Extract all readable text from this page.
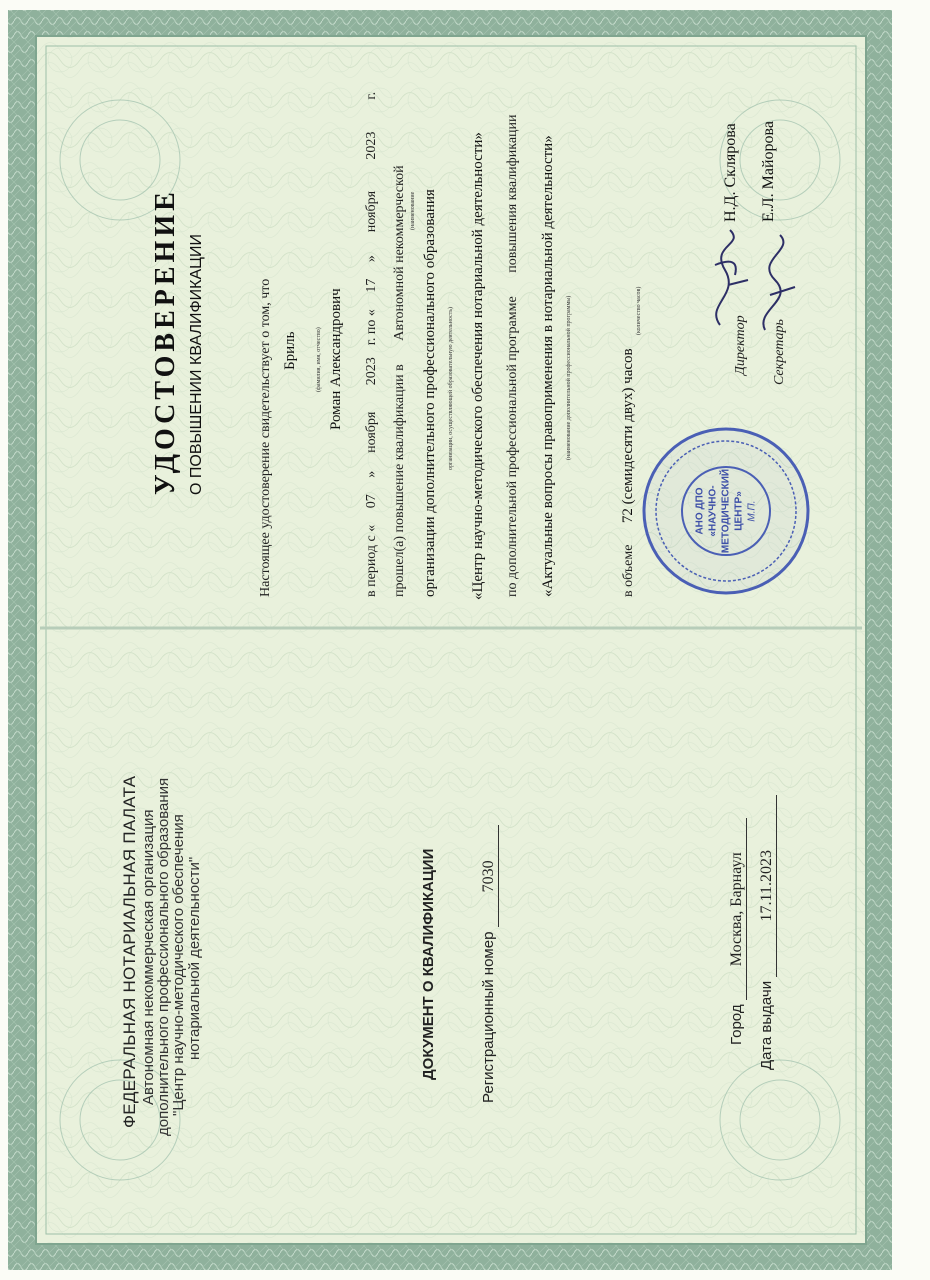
ФЕДЕРАЛЬНАЯ НОТАРИАЛЬНАЯ ПАЛАТА Автономная некоммерческая организация
дополнительного профессионального образования
"Центр научно-методического обеспечения нотариальной деятельности"	ДОКУМЕНТ О КВАЛИФИКАЦИИ	Регистрационный номер 7030
Город Москва, Барнаул
Дата выдачи 17.11.2023
УДОСТОВЕРЕНИЕ О ПОВЫШЕНИИ КВАЛИФИКАЦИИ	Настоящее удостоверение свидетельствует о том, что Бриль	(фамилия, имя, отчество) Роман Александрович
в период с « 07 » ноября 2023 г. по « 17 » ноября 2023 г.
прошел(а) повышение квалификации в Автономной некоммерческой (наименование организации дополнительного профессионального образования организации, осуществляющей образовательную деятельность) «Центр научно-методического обеспечения нотариальной деятельности» по дополнительной профессиональной программе повышения квалификации «Актуальные вопросы правоприменения в нотариальной деятельности» (наименование дополнительной профессиональной программы)
в объеме 72 (семидесяти двух) часов
(количество часов)
Директор
Н.Д. Склярова
Секретарь
Е.Л. Майорова
АНО ДПО «НАУЧНО- МЕТОДИЧЕСКИЙ ЦЕНТР» М.П.
